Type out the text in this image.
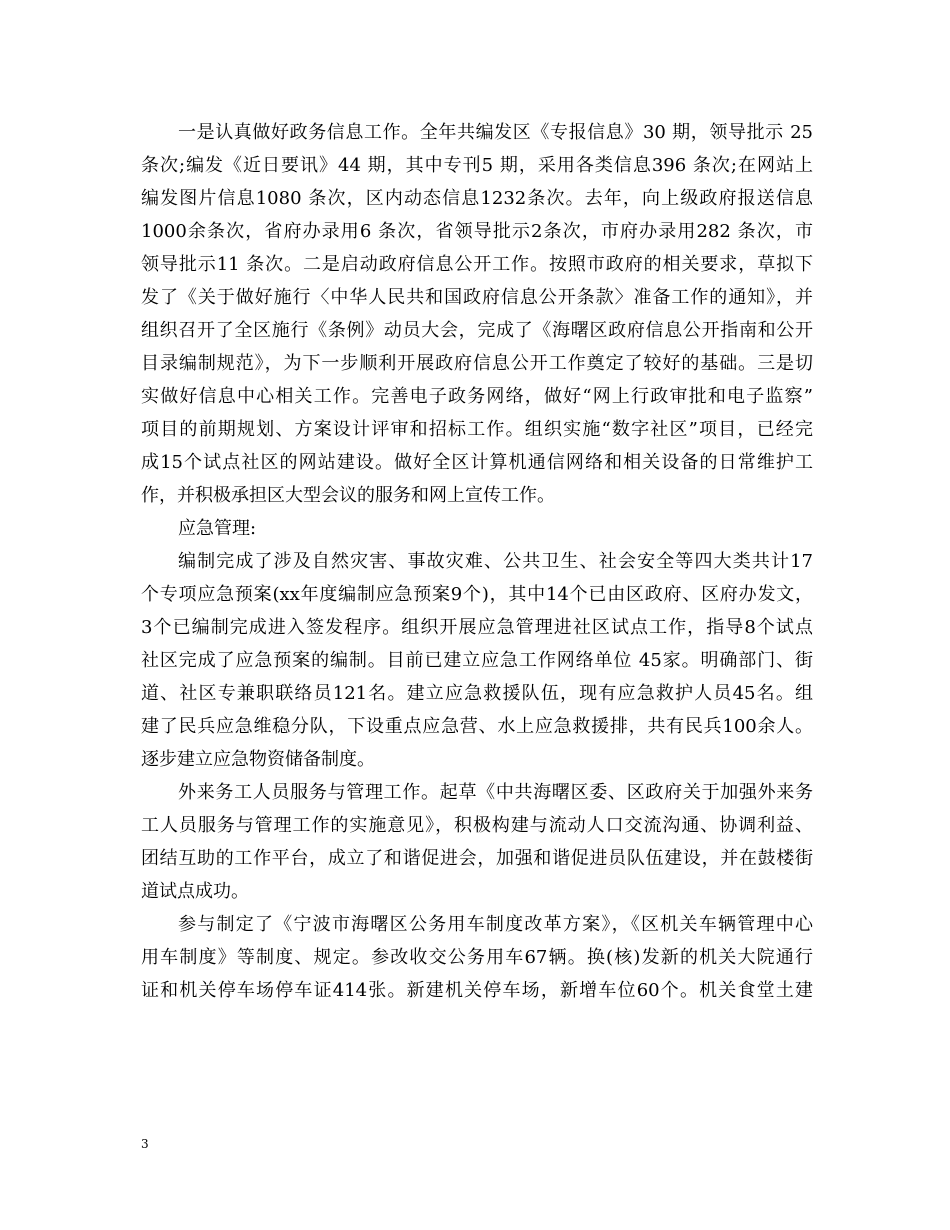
一是认真做好政务信息工作。全年共编发区《专报信息》30 期，领导批示 25
条次;编发《近日要讯》44 期，其中专刊5 期，采用各类信息396 条次;在网站上
编发图片信息1080 条次，区内动态信息1232条次。去年，向上级政府报送信息
1000余条次，省府办录用6 条次，省领导批示2条次，市府办录用282 条次，市
领导批示11 条次。二是启动政府信息公开工作。按照市政府的相关要求，草拟下
发了《关于做好施行〈中华人民共和国政府信息公开条款〉准备工作的通知》，并
组织召开了全区施行《条例》动员大会，完成了《海曙区政府信息公开指南和公开
目录编制规范》，为下一步顺利开展政府信息公开工作奠定了较好的基础。三是切
实做好信息中心相关工作。完善电子政务网络，做好“网上行政审批和电子监察”
项目的前期规划、方案设计评审和招标工作。组织实施“数字社区”项目，已经完
成15个试点社区的网站建设。做好全区计算机通信网络和相关设备的日常维护工
作，并积极承担区大型会议的服务和网上宣传工作。
应急管理:
编制完成了涉及自然灾害、事故灾难、公共卫生、社会安全等四大类共计17
个专项应急预案(xx年度编制应急预案9个)，其中14个已由区政府、区府办发文，
3个已编制完成进入签发程序。组织开展应急管理进社区试点工作，指导8个试点
社区完成了应急预案的编制。目前已建立应急工作网络单位 45家。明确部门、街
道、社区专兼职联络员121名。建立应急救援队伍，现有应急救护人员45名。组
建了民兵应急维稳分队，下设重点应急营、水上应急救援排，共有民兵100余人。
逐步建立应急物资储备制度。
外来务工人员服务与管理工作。起草《中共海曙区委、区政府关于加强外来务
工人员服务与管理工作的实施意见》，积极构建与流动人口交流沟通、协调利益、
团结互助的工作平台，成立了和谐促进会，加强和谐促进员队伍建设，并在鼓楼街
道试点成功。
参与制定了《宁波市海曙区公务用车制度改革方案》，《区机关车辆管理中心
用车制度》等制度、规定。参改收交公务用车67辆。换(核)发新的机关大院通行
证和机关停车场停车证414张。新建机关停车场，新增车位60个。机关食堂土建
3
